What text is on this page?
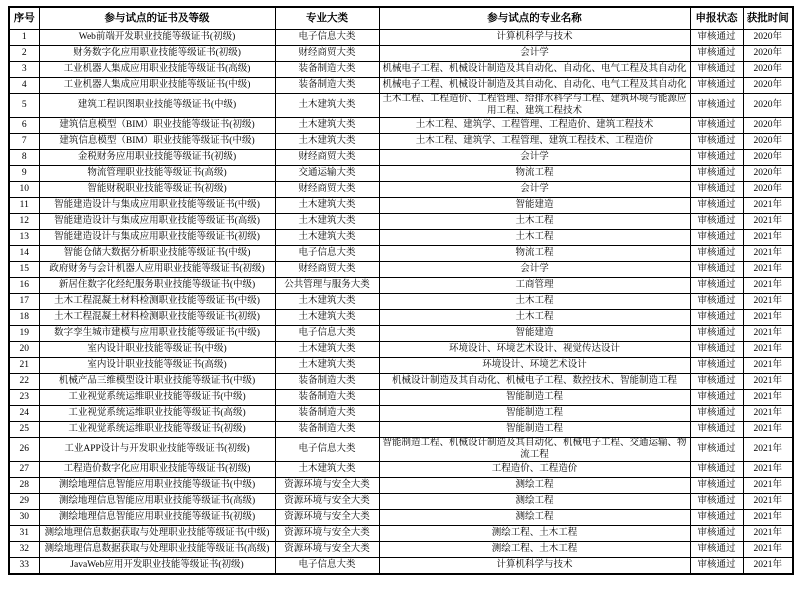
序号	参与试点的证书及等级	专业大类	参与试点的专业名称	申报状态	获批时间
1	Web前端开发职业技能等级证书(初级)	电子信息大类	计算机科学与技术	审核通过	2020年
2	财务数字化应用职业技能等级证书(初级)	财经商贸大类	会计学	审核通过	2020年
3	工业机器人集成应用职业技能等级证书(高级)	装备制造大类	机械电子工程、机械设计制造及其自动化、自动化、电气工程及其自动化	审核通过	2020年
4	工业机器人集成应用职业技能等级证书(中级)	装备制造大类	机械电子工程、机械设计制造及其自动化、自动化、电气工程及其自动化	审核通过	2020年
5	建筑工程识图职业技能等级证书(中级)	土木建筑大类	土木工程、工程造价、工程管理、给排水科学与工程、建筑环境与能源应用工程、建筑工程技术	审核通过	2020年
6	建筑信息模型（BIM）职业技能等级证书(初级)	土木建筑大类	土木工程、建筑学、工程管理、工程造价、建筑工程技术	审核通过	2020年
7	建筑信息模型（BIM）职业技能等级证书(中级)	土木建筑大类	土木工程、建筑学、工程管理、建筑工程技术、工程造价	审核通过	2020年
8	金税财务应用职业技能等级证书(初级)	财经商贸大类	会计学	审核通过	2020年
9	物流管理职业技能等级证书(高级)	交通运输大类	物流工程	审核通过	2020年
10	智能财税职业技能等级证书(初级)	财经商贸大类	会计学	审核通过	2020年
11	智能建造设计与集成应用职业技能等级证书(中级)	土木建筑大类	智能建造	审核通过	2021年
12	智能建造设计与集成应用职业技能等级证书(高级)	土木建筑大类	土木工程	审核通过	2021年
13	智能建造设计与集成应用职业技能等级证书(初级)	土木建筑大类	土木工程	审核通过	2021年
14	智能仓储大数据分析职业技能等级证书(中级)	电子信息大类	物流工程	审核通过	2021年
15	政府财务与会计机器人应用职业技能等级证书(初级)	财经商贸大类	会计学	审核通过	2021年
16	新居住数字化经纪服务职业技能等级证书(中级)	公共管理与服务大类	工商管理	审核通过	2021年
17	土木工程混凝土材料检测职业技能等级证书(中级)	土木建筑大类	土木工程	审核通过	2021年
18	土木工程混凝土材料检测职业技能等级证书(初级)	土木建筑大类	土木工程	审核通过	2021年
19	数字孪生城市建模与应用职业技能等级证书(中级)	电子信息大类	智能建造	审核通过	2021年
20	室内设计职业技能等级证书(中级)	土木建筑大类	环境设计、环境艺术设计、视觉传达设计	审核通过	2021年
21	室内设计职业技能等级证书(高级)	土木建筑大类	环境设计、环境艺术设计	审核通过	2021年
22	机械产品三维模型设计职业技能等级证书(中级)	装备制造大类	机械设计制造及其自动化、机械电子工程、数控技术、智能制造工程	审核通过	2021年
23	工业视觉系统运维职业技能等级证书(中级)	装备制造大类	智能制造工程	审核通过	2021年
24	工业视觉系统运维职业技能等级证书(高级)	装备制造大类	智能制造工程	审核通过	2021年
25	工业视觉系统运维职业技能等级证书(初级)	装备制造大类	智能制造工程	审核通过	2021年
26	工业APP设计与开发职业技能等级证书(初级)	电子信息大类	智能制造工程、机械设计制造及其自动化、机械电子工程、交通运输、物流工程	审核通过	2021年
27	工程造价数字化应用职业技能等级证书(初级)	土木建筑大类	工程造价、工程造价	审核通过	2021年
28	测绘地理信息智能应用职业技能等级证书(中级)	资源环境与安全大类	测绘工程	审核通过	2021年
29	测绘地理信息智能应用职业技能等级证书(高级)	资源环境与安全大类	测绘工程	审核通过	2021年
30	测绘地理信息智能应用职业技能等级证书(初级)	资源环境与安全大类	测绘工程	审核通过	2021年
31	测绘地理信息数据获取与处理职业技能等级证书(中级)	资源环境与安全大类	测绘工程、土木工程	审核通过	2021年
32	测绘地理信息数据获取与处理职业技能等级证书(高级)	资源环境与安全大类	测绘工程、土木工程	审核通过	2021年
33	JavaWeb应用开发职业技能等级证书(初级)	电子信息大类	计算机科学与技术	审核通过	2021年
